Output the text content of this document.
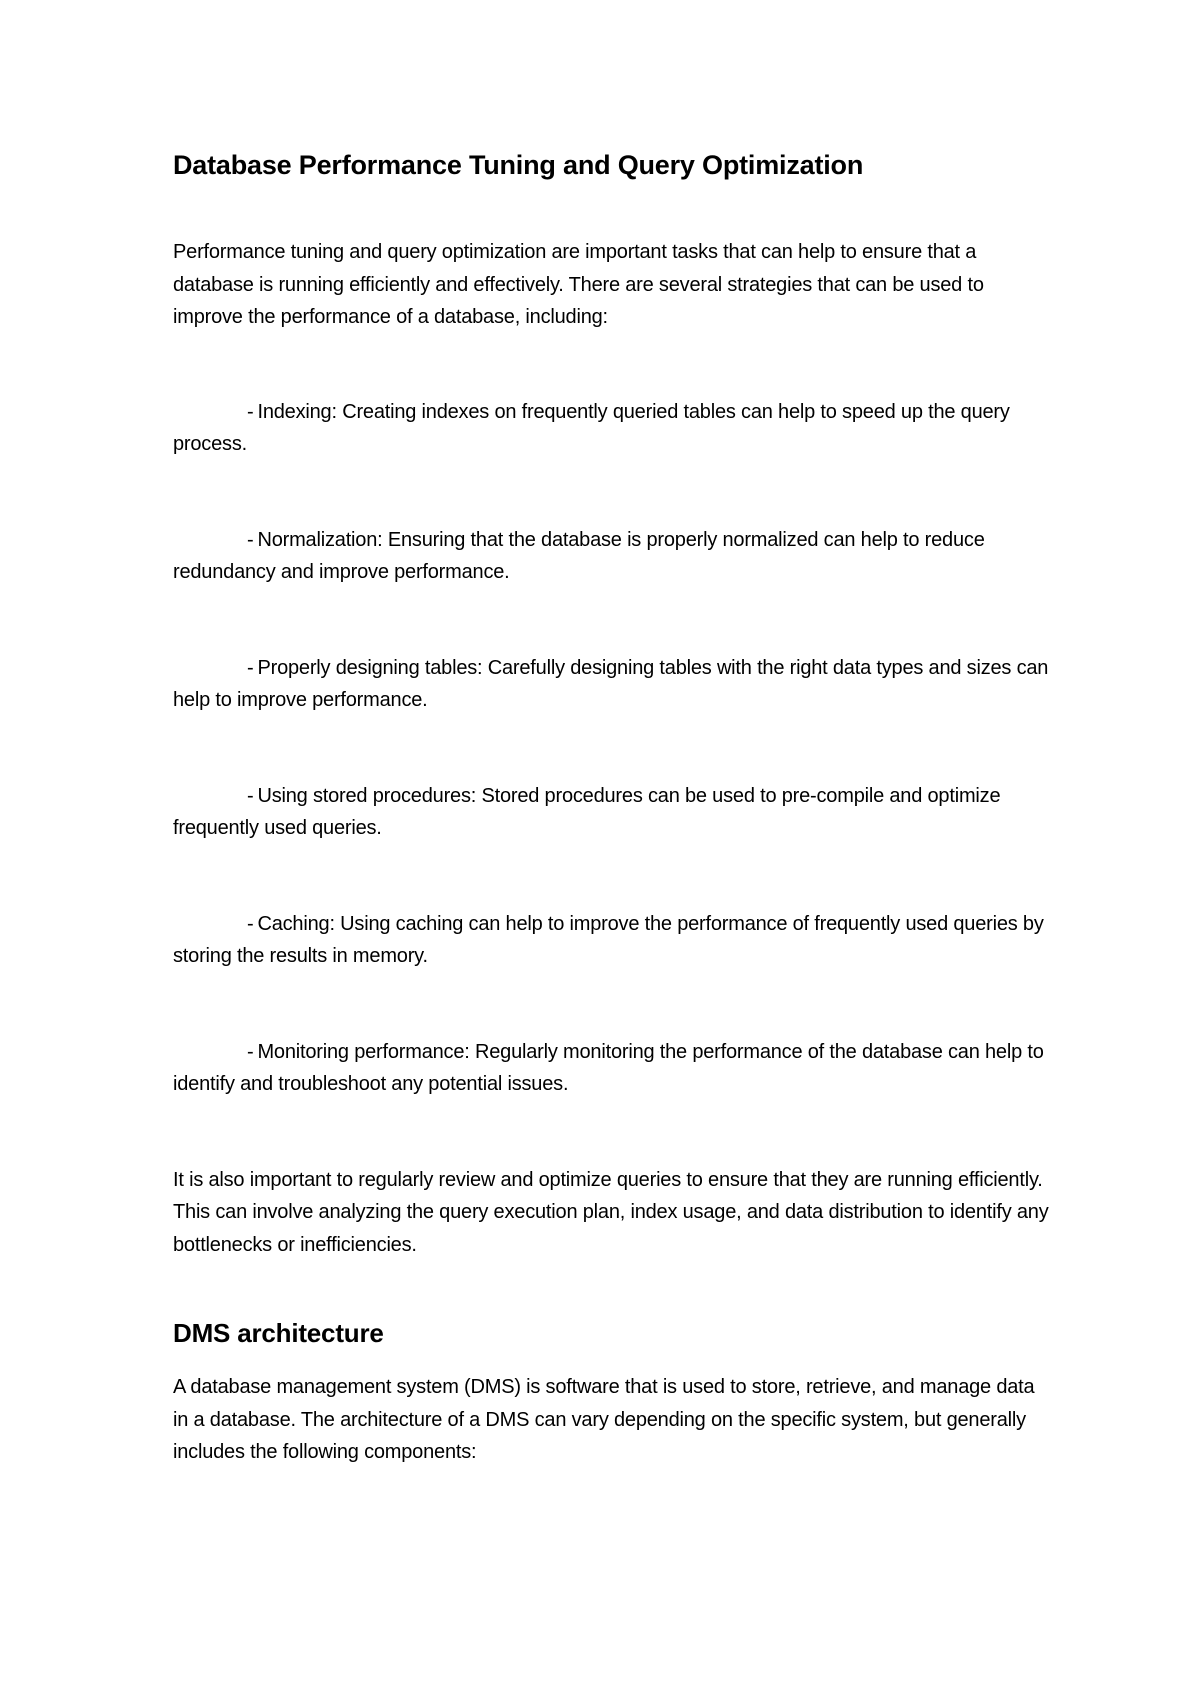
Database Performance Tuning and Query Optimization

Performance tuning and query optimization are important tasks that can help to ensure that a database is running efficiently and effectively. There are several strategies that can be used to improve the performance of a database, including:

- Indexing: Creating indexes on frequently queried tables can help to speed up the query process.

- Normalization: Ensuring that the database is properly normalized can help to reduce redundancy and improve performance.

- Properly designing tables: Carefully designing tables with the right data types and sizes can help to improve performance.

- Using stored procedures: Stored procedures can be used to pre-compile and optimize frequently used queries.

- Caching: Using caching can help to improve the performance of frequently used queries by storing the results in memory.

- Monitoring performance: Regularly monitoring the performance of the database can help to identify and troubleshoot any potential issues.

It is also important to regularly review and optimize queries to ensure that they are running efficiently. This can involve analyzing the query execution plan, index usage, and data distribution to identify any bottlenecks or inefficiencies.

DMS architecture

A database management system (DMS) is software that is used to store, retrieve, and manage data in a database. The architecture of a DMS can vary depending on the specific system, but generally includes the following components:
